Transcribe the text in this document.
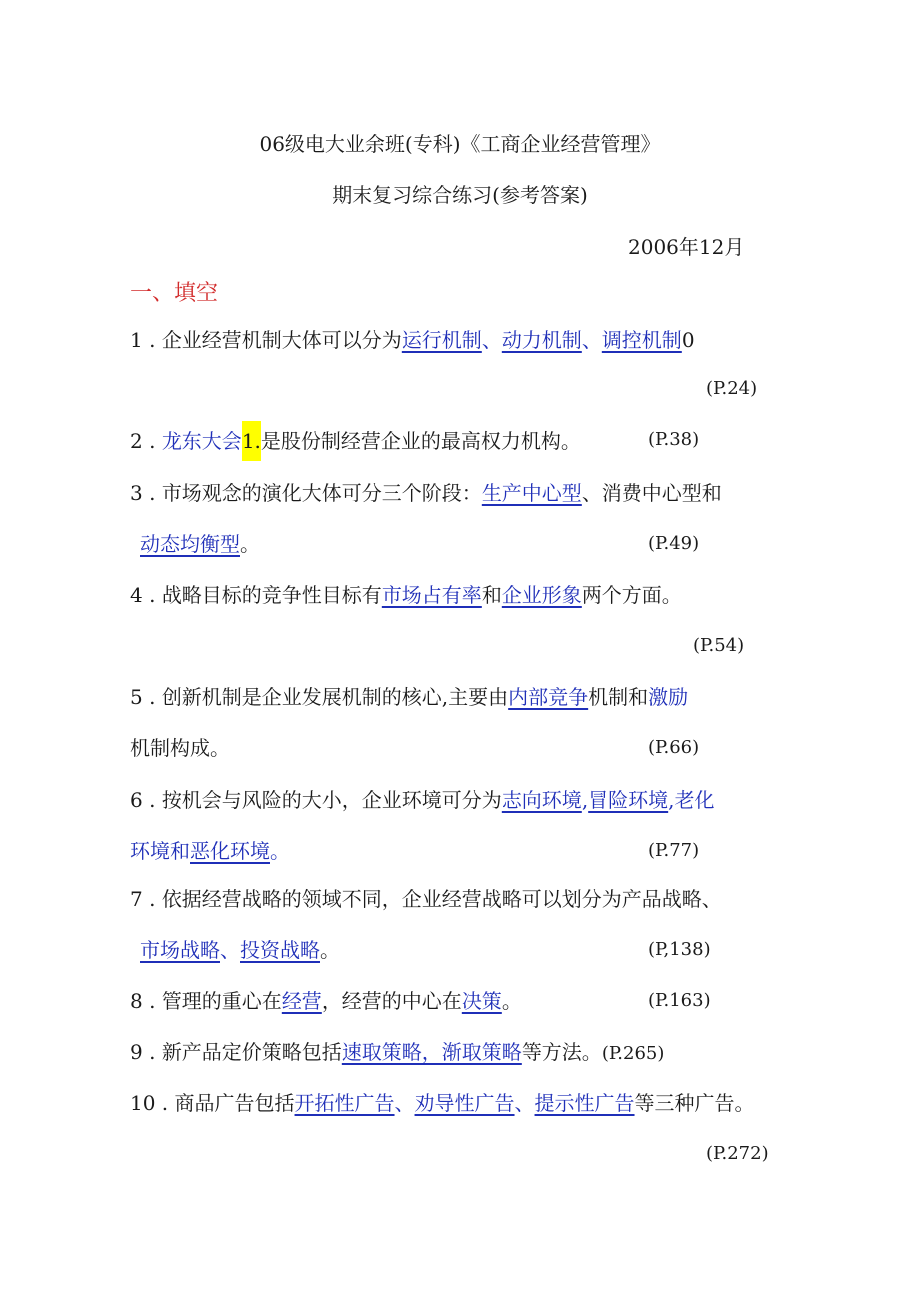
06级电大业余班(专科)《工商企业经营管理》
期末复习综合练习(参考答案)
2006年12月
一、填空
1 . 企业经营机制大体可以分为运行机制、动力机制、调控机制0
(P.24)
2 . 龙东大会1.是股份制经营企业的最高权力机构。	(P.38)
3 . 市场观念的演化大体可分三个阶段：生产中心型、消费中心型和
动态均衡型。	(P.49)
4 . 战略目标的竞争性目标有市场占有率和企业形象两个方面。
(P.54)
5 . 创新机制是企业发展机制的核心,主要由内部竞争机制和激励
机制构成。	(P.66)
6 . 按机会与风险的大小，企业环境可分为志向环境,冒险环境,老化
环境和恶化环境。	(P.77)
7 . 依据经营战略的领域不同，企业经营战略可以划分为产品战略、
市场战略、投资战略。	(P,138)
8 . 管理的重心在经营，经营的中心在决策。	(P.163)
9 . 新产品定价策略包括速取策略，渐取策略等方法。(P.265)
10 . 商品广告包括开拓性广告、劝导性广告、提示性广告等三种广告。
(P.272)
